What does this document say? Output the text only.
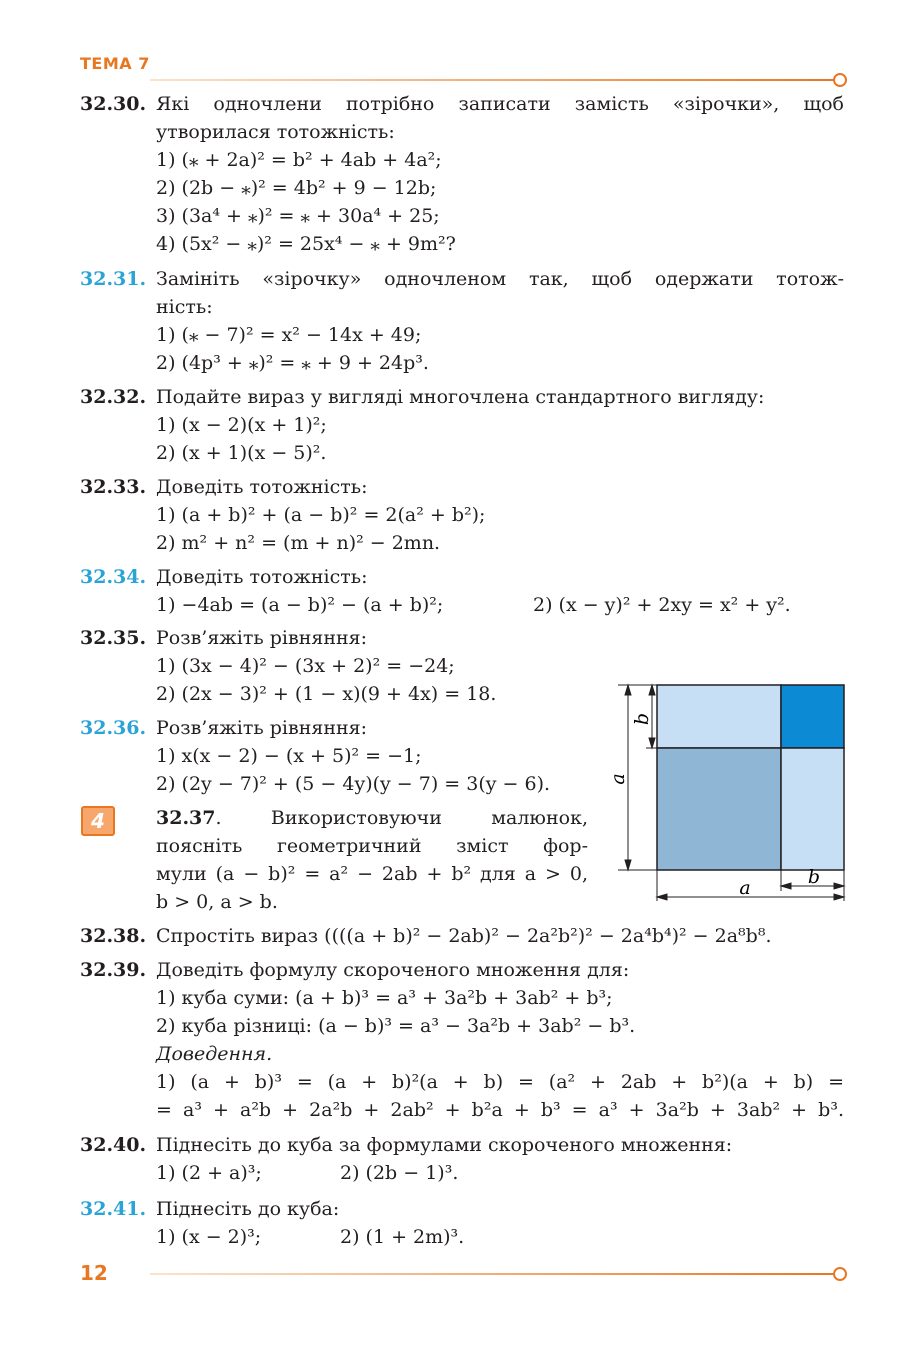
ТЕМА 7
32.30. Які одночлени потрібно записати замість «зірочки», щоб
утворилася тотожність:
1) (⁎ + 2a)² = b² + 4ab + 4a²;
2) (2b − ⁎)² = 4b² + 9 − 12b;
3) (3a⁴ + ⁎)² = ⁎ + 30a⁴ + 25;
4) (5x² − ⁎)² = 25x⁴ − ⁎ + 9m²?
32.31. Замініть «зірочку» одночленом так, щоб одержати тотож-
ність:
1) (⁎ − 7)² = x² − 14x + 49;
2) (4p³ + ⁎)² = ⁎ + 9 + 24p³.
32.32. Подайте вираз у вигляді многочлена стандартного вигляду:
1) (x − 2)(x + 1)²;
2) (x + 1)(x − 5)².
32.33. Доведіть тотожність:
1) (a + b)² + (a − b)² = 2(a² + b²);
2) m² + n² = (m + n)² − 2mn.
32.34. Доведіть тотожність:
1) −4ab = (a − b)² − (a + b)²;	2) (x − y)² + 2xy = x² + y².
32.35. Розв’яжіть рівняння:
1) (3x − 4)² − (3x + 2)² = −24;
2) (2x − 3)² + (1 − x)(9 + 4x) = 18.
32.36. Розв’яжіть рівняння:
1) x(x − 2) − (x + 5)² = −1;
2) (2y − 7)² + (5 − 4y)(y − 7) = 3(y − 6).
32.37 . Використовуючи малюнок,
поясніть геометричний зміст фор-
мули (a − b)² = a² − 2ab + b² для a > 0,
b > 0, a > b.
32.38. Спростіть вираз ((((a + b)² − 2ab)² − 2a²b²)² − 2a⁴b⁴)² − 2a⁸b⁸.
32.39. Доведіть формулу скороченого множення для:
1) куба суми: (a + b)³ = a³ + 3a²b + 3ab² + b³;
2) куба різниці: (a − b)³ = a³ − 3a²b + 3ab² − b³.
Доведення.
1) (a + b)³ = (a + b)²(a + b) = (a² + 2ab + b²)(a + b) =
= a³ + a²b + 2a²b + 2ab² + b²a + b³ = a³ + 3a²b + 3ab² + b³.
32.40. Піднесіть до куба за формулами скороченого множення:
1) (2 + a)³;	2) (2b − 1)³.
32.41. Піднесіть до куба:
1) (x − 2)³;	2) (1 + 2m)³.
4
a
b
a	b
12
